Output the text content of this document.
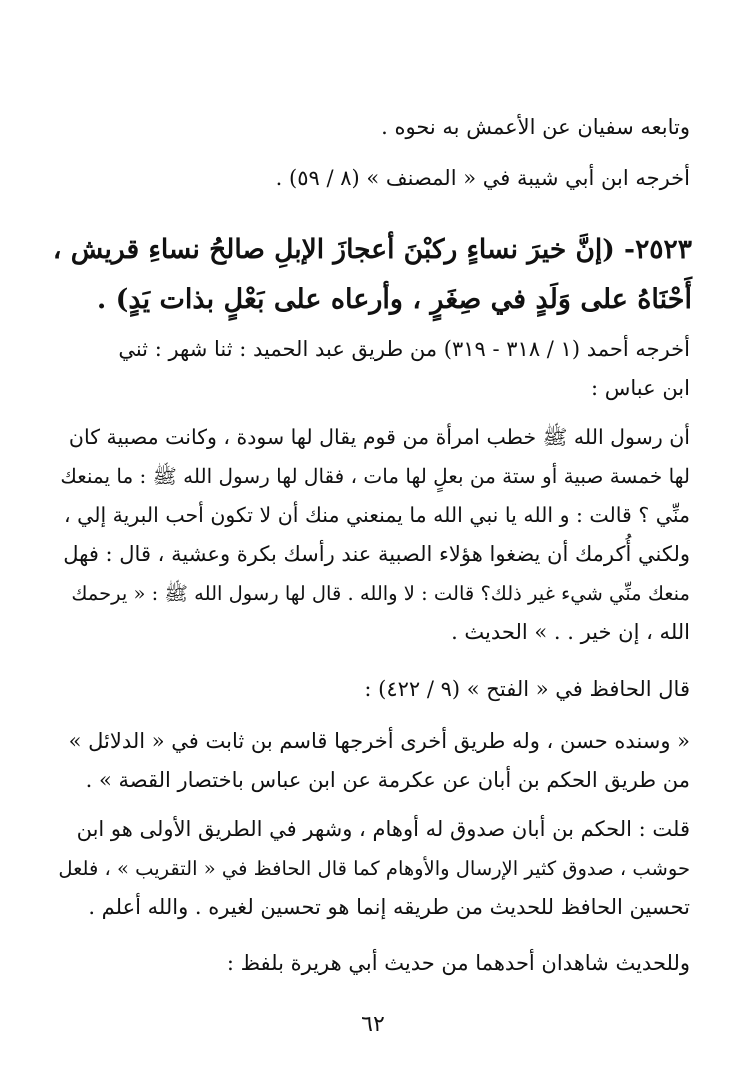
وتابعه سفيان عن الأعمش به نحوه .
أخرجه ابن أبي شيبة في « المصنف » (٨ / ٥٩) .
٢٥٢٣- (إنَّ خيرَ نساءٍ ركبْنَ أعجازَ الإبلِ صالحُ نساءِ قريش ،
أَحْنَاهُ على وَلَدٍ في صِغَرٍ ، وأرعاه على بَعْلٍ بذات يَدٍ) .
أخرجه أحمد (١ / ٣١٨ - ٣١٩) من طريق عبد الحميد : ثنا شهر : ثني
ابن عباس :
أن رسول الله ﷺ خطب امرأة من قوم يقال لها سودة ، وكانت مصبية كان
لها خمسة صبية أو ستة من بعلٍ لها مات ، فقال لها رسول الله ﷺ : ما يمنعك
منِّي ؟ قالت : و الله يا نبي الله ما يمنعني منك أن لا تكون أحب البرية إلي ،
ولكني أُكرمك أن يضغوا هؤلاء الصبية عند رأسك بكرة وعشية ، قال : فهل
منعك منِّي شيء غير ذلك؟ قالت : لا والله . قال لها رسول الله ﷺ : « يرحمك
الله ، إن خير . . » الحديث .
قال الحافظ في « الفتح » (٩ / ٤٢٢) :
« وسنده حسن ، وله طريق أخرى أخرجها قاسم بن ثابت في « الدلائل »
من طريق الحكم بن أبان عن عكرمة عن ابن عباس باختصار القصة » .
قلت : الحكم بن أبان صدوق له أوهام ، وشهر في الطريق الأولى هو ابن
حوشب ، صدوق كثير الإرسال والأوهام كما قال الحافظ في « التقريب » ، فلعل
تحسين الحافظ للحديث من طريقه إنما هو تحسين لغيره . والله أعلم .
وللحديث شاهدان أحدهما من حديث أبي هريرة بلفظ :
٦٢
